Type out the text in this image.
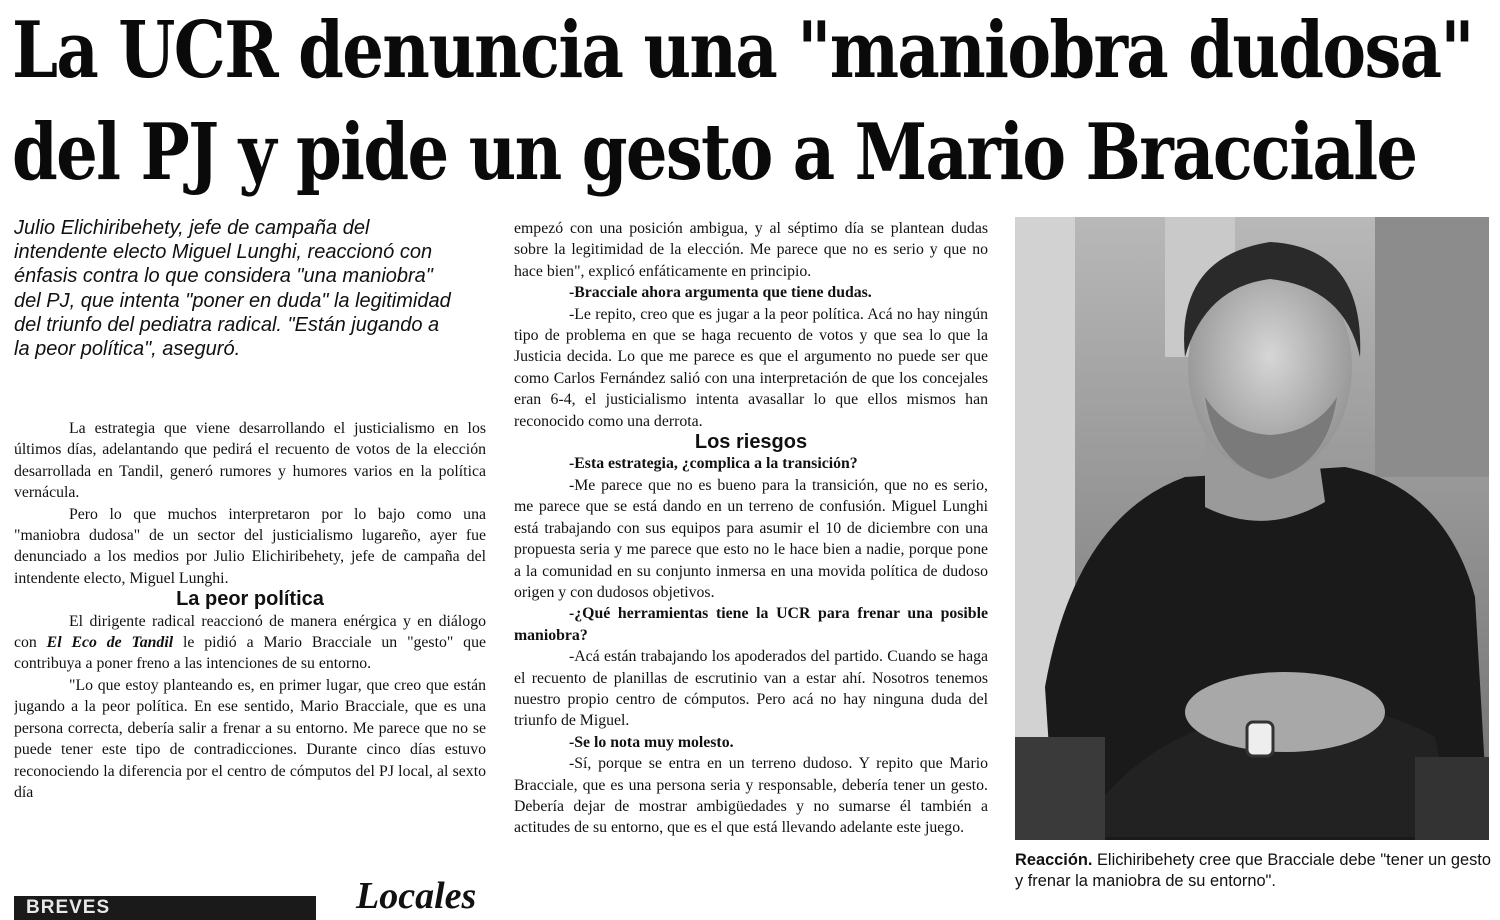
La UCR denuncia una "maniobra dudosa"
del PJ y pide un gesto a Mario Bracciale
Julio Elichiribehety, jefe de campaña del intendente electo Miguel Lunghi, reaccionó con énfasis contra lo que considera "una maniobra" del PJ, que intenta "poner en duda" la legitimidad del triunfo del pediatra radical. "Están jugando a la peor política", aseguró.

La estrategia que viene desarrollando el justicialismo en los últimos días, adelantando que pedirá el recuento de votos de la elección desarrollada en Tandil, generó rumores y humores varios en la política vernácula.

Pero lo que muchos interpretaron por lo bajo como una "maniobra dudosa" de un sector del justicialismo lugareño, ayer fue denunciado a los medios por Julio Elichiribehety, jefe de campaña del intendente electo, Miguel Lunghi.

La peor política

El dirigente radical reaccionó de manera enérgica y en diálogo con El Eco de Tandil le pidió a Mario Bracciale un "gesto" que contribuya a poner freno a las intenciones de su entorno.

"Lo que estoy planteando es, en primer lugar, que creo que están jugando a la peor política. En ese sentido, Mario Bracciale, que es una persona correcta, debería salir a frenar a su entorno. Me parece que no se puede tener este tipo de contradicciones. Durante cinco días estuvo reconociendo la diferencia por el centro de cómputos del PJ local, al sexto día

empezó con una posición ambigua, y al séptimo día se plantean dudas sobre la legitimidad de la elección. Me parece que no es serio y que no hace bien", explicó enfáticamente en principio.

-Bracciale ahora argumenta que tiene dudas.

-Le repito, creo que es jugar a la peor política. Acá no hay ningún tipo de problema en que se haga recuento de votos y que sea lo que la Justicia decida. Lo que me parece es que el argumento no puede ser que como Carlos Fernández salió con una interpretación de que los concejales eran 6-4, el justicialismo intenta avasallar lo que ellos mismos han reconocido como una derrota.

Los riesgos

-Esta estrategia, ¿complica a la transición?

-Me parece que no es bueno para la transición, que no es serio, me parece que se está dando en un terreno de confusión. Miguel Lunghi está trabajando con sus equipos para asumir el 10 de diciembre con una propuesta seria y me parece que esto no le hace bien a nadie, porque pone a la comunidad en su conjunto inmersa en una movida política de dudoso origen y con dudosos objetivos.

-¿Qué herramientas tiene la UCR para frenar una posible maniobra?

-Acá están trabajando los apoderados del partido. Cuando se haga el recuento de planillas de escrutinio van a estar ahí. Nosotros tenemos nuestro propio centro de cómputos. Pero acá no hay ninguna duda del triunfo de Miguel.

-Se lo nota muy molesto.

-Sí, porque se entra en un terreno dudoso. Y repito que Mario Bracciale, que es una persona seria y responsable, debería tener un gesto. Debería dejar de mostrar ambigüedades y no sumarse él también a actitudes de su entorno, que es el que está llevando adelante este juego.

Reacción. Elichiribehety cree que Bracciale debe "tener un gesto y frenar la maniobra de su entorno".
BREVES	Locales
